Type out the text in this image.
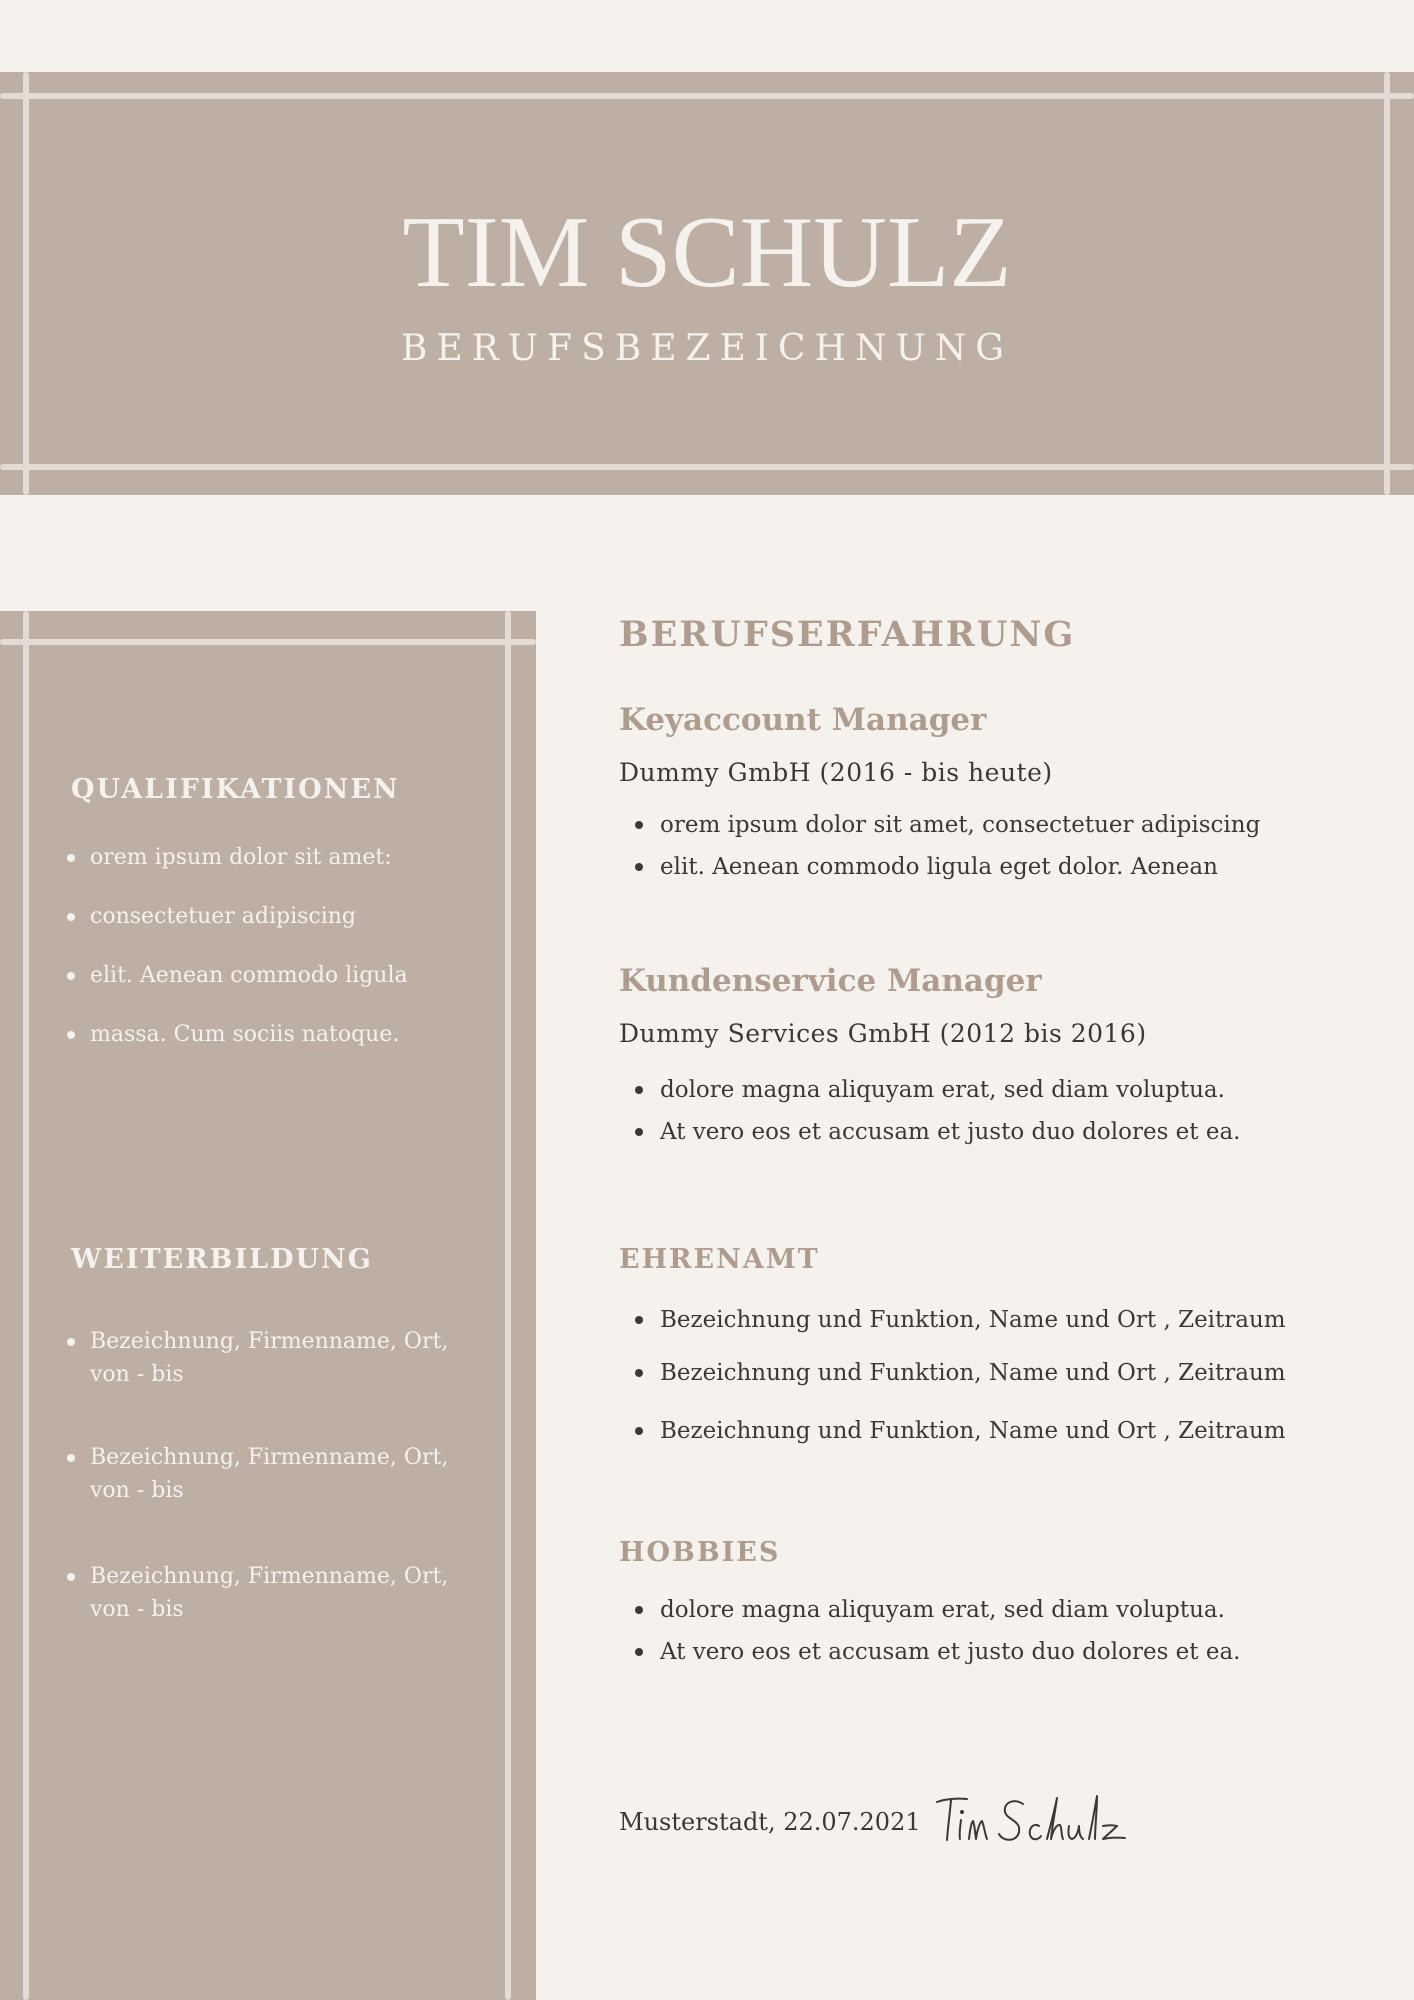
TIM SCHULZ
BERUFSBEZEICHNUNG
QUALIFIKATIONEN
orem ipsum dolor sit amet:
consectetuer adipiscing
elit. Aenean commodo ligula
massa. Cum sociis natoque.
WEITERBILDUNG
Bezeichnung, Firmenname, Ort, von - bis
Bezeichnung, Firmenname, Ort, von - bis
Bezeichnung, Firmenname, Ort, von - bis
BERUFSERFAHRUNG
Keyaccount Manager
Dummy GmbH (2016 - bis heute)
orem ipsum dolor sit amet, consectetuer adipiscing
elit. Aenean commodo ligula eget dolor. Aenean
Kundenservice Manager
Dummy Services GmbH (2012 bis 2016)
dolore magna aliquyam erat, sed diam voluptua.
At vero eos et accusam et justo duo dolores et ea.
EHRENAMT
Bezeichnung und Funktion, Name und Ort , Zeitraum
Bezeichnung und Funktion, Name und Ort , Zeitraum
Bezeichnung und Funktion, Name und Ort , Zeitraum
HOBBIES
dolore magna aliquyam erat, sed diam voluptua.
At vero eos et accusam et justo duo dolores et ea.
Musterstadt, 22.07.2021
